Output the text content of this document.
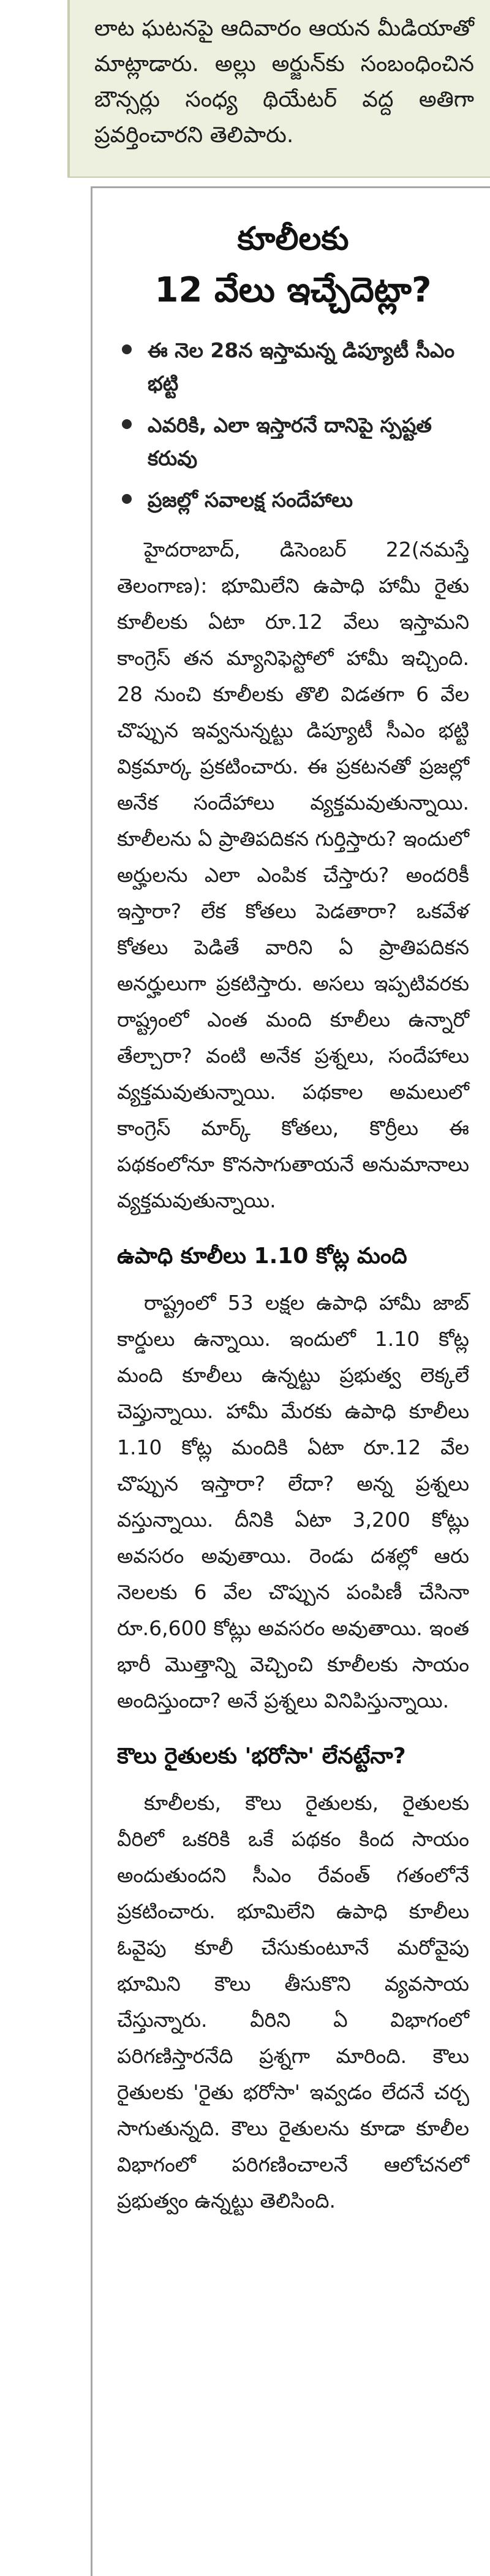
లాట ఘటనపై ఆదివారం ఆయన మీడియాతో మాట్లాడారు. అల్లు అర్జున్‌కు సంబంధించిన బౌన్సర్లు సంధ్య థియేటర్ వద్ద అతిగా ప్రవర్తించారని తెలిపారు.

కూలీలకు
12 వేలు ఇచ్చేదెట్లా?
ఈ నెల 28న ఇస్తామన్న డిప్యూటీ సీఎం భట్టి
ఎవరికి, ఎలా ఇస్తారనే దానిపై స్పష్టత కరువు
ప్రజల్లో సవాలక్ష సందేహాలు

హైదరాబాద్, డిసెంబర్ 22(నమస్తే తెలంగాణ): భూమిలేని ఉపాధి హామీ రైతు కూలీలకు ఏటా రూ.12 వేలు ఇస్తామని కాంగ్రెస్ తన మ్యానిఫెస్టోలో హామీ ఇచ్చింది. 28 నుంచి కూలీలకు తొలి విడతగా 6 వేల చొప్పున ఇవ్వనున్నట్టు డిప్యూటీ సీఎం భట్టి విక్రమార్క ప్రకటించారు. ఈ ప్రకటనతో ప్రజల్లో అనేక సందేహాలు వ్యక్తమవుతున్నాయి. కూలీలను ఏ ప్రాతిపదికన గుర్తిస్తారు? ఇందులో అర్హులను ఎలా ఎంపిక చేస్తారు? అందరికీ ఇస్తారా? లేక కోతలు పెడతారా? ఒకవేళ కోతలు పెడితే వారిని ఏ ప్రాతిపదికన అనర్హులుగా ప్రకటిస్తారు. అసలు ఇప్పటివరకు రాష్ట్రంలో ఎంత మంది కూలీలు ఉన్నారో తేల్చారా? వంటి అనేక ప్రశ్నలు, సందేహాలు వ్యక్తమవుతున్నాయి. పథకాల అమలులో కాంగ్రెస్ మార్క్ కోతలు, కొర్రీలు ఈ పథకంలోనూ కొనసాగుతాయనే అనుమానాలు వ్యక్తమవుతున్నాయి.

ఉపాధి కూలీలు 1.10 కోట్ల మంది

రాష్ట్రంలో 53 లక్షల ఉపాధి హామీ జాబ్ కార్డులు ఉన్నాయి. ఇందులో 1.10 కోట్ల మంది కూలీలు ఉన్నట్టు ప్రభుత్వ లెక్కలే చెప్తున్నాయి. హామీ మేరకు ఉపాధి కూలీలు 1.10 కోట్ల మందికి ఏటా రూ.12 వేల చొప్పున ఇస్తారా? లేదా? అన్న ప్రశ్నలు వస్తున్నాయి. దీనికి ఏటా 3,200 కోట్లు అవసరం అవుతాయి. రెండు దశల్లో ఆరు నెలలకు 6 వేల చొప్పున పంపిణీ చేసినా రూ.6,600 కోట్లు అవసరం అవుతాయి. ఇంత భారీ మొత్తాన్ని వెచ్చించి కూలీలకు సాయం అందిస్తుందా? అనే ప్రశ్నలు వినిపిస్తున్నాయి.

కౌలు రైతులకు 'భరోసా' లేనట్టేనా?

కూలీలకు, కౌలు రైతులకు, రైతులకు వీరిలో ఒకరికి ఒకే పథకం కింద సాయం అందుతుందని సీఎం రేవంత్ గతంలోనే ప్రకటించారు. భూమిలేని ఉపాధి కూలీలు ఓవైపు కూలీ చేసుకుంటూనే మరోవైపు భూమిని కౌలు తీసుకొని వ్యవసాయ చేస్తున్నారు. వీరిని ఏ విభాగంలో పరిగణిస్తారనేది ప్రశ్నగా మారింది. కౌలు రైతులకు 'రైతు భరోసా' ఇవ్వడం లేదనే చర్చ సాగుతున్నది. కౌలు రైతులను కూడా కూలీల విభాగంలో పరిగణించాలనే ఆలోచనలో ప్రభుత్వం ఉన్నట్టు తెలిసింది.
